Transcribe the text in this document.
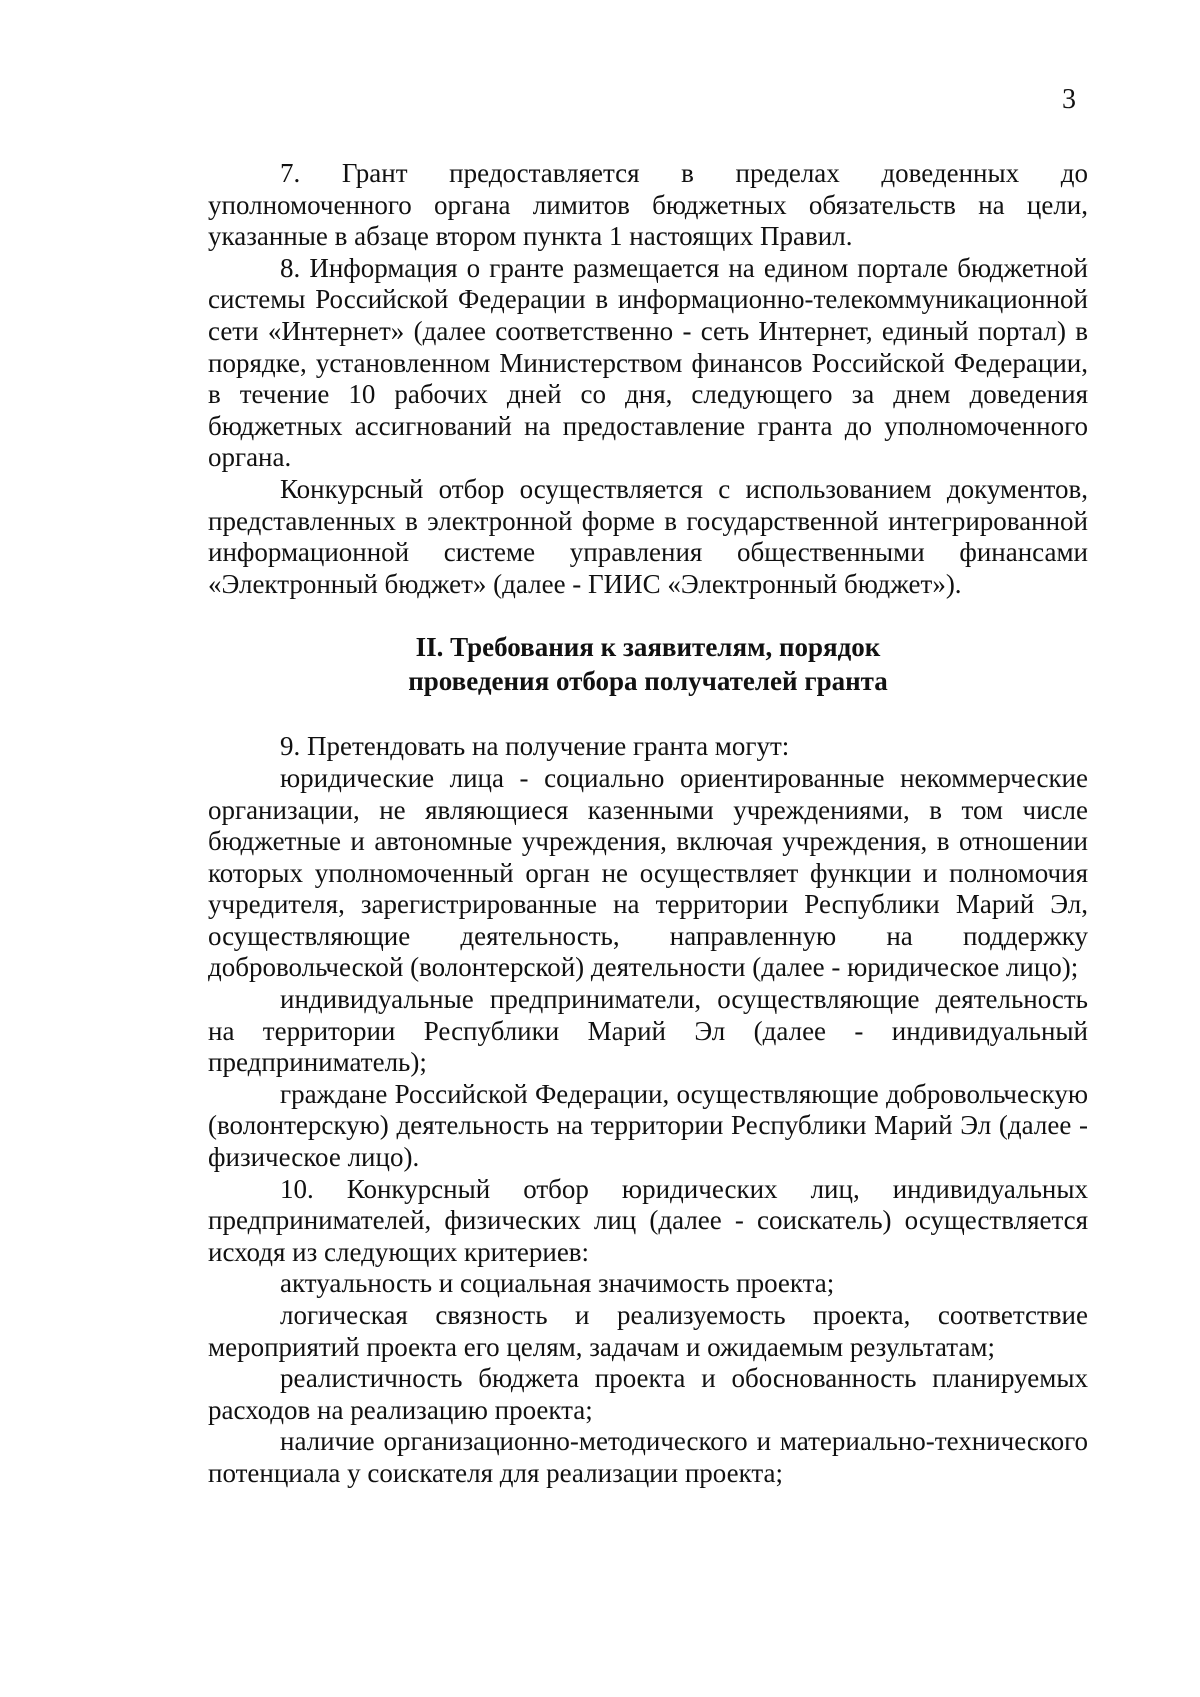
3

7. Грант предоставляется в пределах доведенных до уполномоченного органа лимитов бюджетных обязательств на цели, указанные в абзаце втором пункта 1 настоящих Правил.

8. Информация о гранте размещается на едином портале бюджетной системы Российской Федерации в информационно-телекоммуникационной сети «Интернет» (далее соответственно - сеть Интернет, единый портал) в порядке, установленном Министерством финансов Российской Федерации, в течение 10 рабочих дней со дня, следующего за днем доведения бюджетных ассигнований на предоставление гранта до уполномоченного органа.

Конкурсный отбор осуществляется с использованием документов, представленных в электронной форме в государственной интегрированной информационной системе управления общественными финансами «Электронный бюджет» (далее - ГИИС «Электронный бюджет»).

II. Требования к заявителям, порядок
проведения отбора получателей гранта

9. Претендовать на получение гранта могут:

юридические лица - социально ориентированные некоммерческие организации, не являющиеся казенными учреждениями, в том числе бюджетные и автономные учреждения, включая учреждения, в отношении которых уполномоченный орган не осуществляет функции и полномочия учредителя, зарегистрированные на территории Республики Марий Эл, осуществляющие деятельность, направленную на поддержку добровольческой (волонтерской) деятельности (далее - юридическое лицо);

индивидуальные предприниматели, осуществляющие деятельность на территории Республики Марий Эл (далее - индивидуальный предприниматель);

граждане Российской Федерации, осуществляющие добровольческую (волонтерскую) деятельность на территории Республики Марий Эл (далее - физическое лицо).

10. Конкурсный отбор юридических лиц, индивидуальных предпринимателей, физических лиц (далее - соискатель) осуществляется исходя из следующих критериев:

актуальность и социальная значимость проекта;

логическая связность и реализуемость проекта, соответствие мероприятий проекта его целям, задачам и ожидаемым результатам;

реалистичность бюджета проекта и обоснованность планируемых расходов на реализацию проекта;

наличие организационно-методического и материально-технического потенциала у соискателя для реализации проекта;
